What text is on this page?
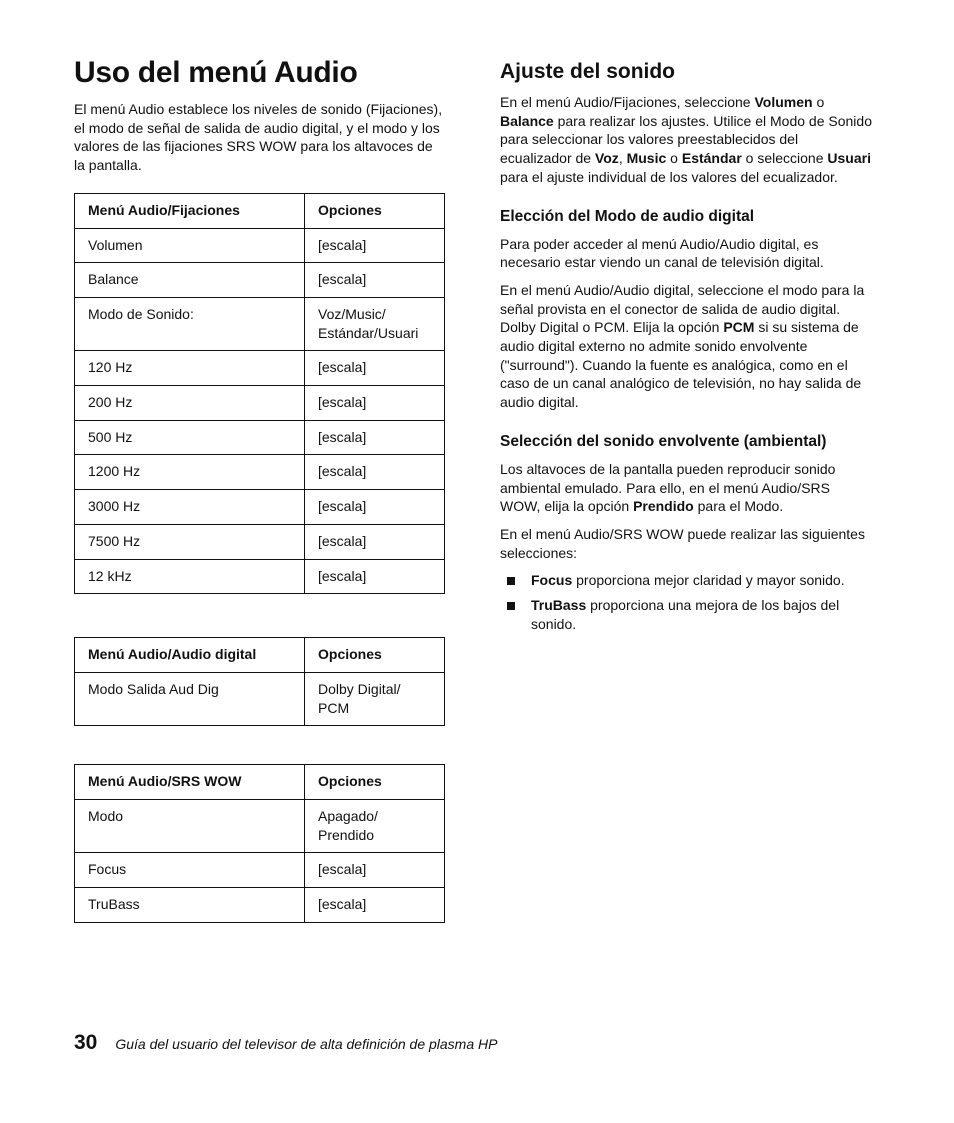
Uso del menú Audio

El menú Audio establece los niveles de sonido (Fijaciones), el modo de señal de salida de audio digital, y el modo y los valores de las fijaciones SRS WOW para los altavoces de la pantalla.

Menú Audio/Fijaciones	Opciones
Volumen	[escala]
Balance	[escala]
Modo de Sonido:	Voz/Music/ Estándar/Usuari
120 Hz	[escala]
200 Hz	[escala]
500 Hz	[escala]
1200 Hz	[escala]
3000 Hz	[escala]
7500 Hz	[escala]
12 kHz	[escala]
Menú Audio/Audio digital	Opciones
Modo Salida Aud Dig	Dolby Digital/ PCM
Menú Audio/SRS WOW	Opciones
Modo	Apagado/ Prendido
Focus	[escala]
TruBass	[escala]
Ajuste del sonido

En el menú Audio/Fijaciones, seleccione Volumen o Balance para realizar los ajustes. Utilice el Modo de Sonido para seleccionar los valores preestablecidos del ecualizador de Voz, Music o Estándar o seleccione Usuari para el ajuste individual de los valores del ecualizador.

Elección del Modo de audio digital

Para poder acceder al menú Audio/Audio digital, es necesario estar viendo un canal de televisión digital.

En el menú Audio/Audio digital, seleccione el modo para la señal provista en el conector de salida de audio digital. Dolby Digital o PCM. Elija la opción PCM si su sistema de audio digital externo no admite sonido envolvente ("surround"). Cuando la fuente es analógica, como en el caso de un canal analógico de televisión, no hay salida de audio digital.

Selección del sonido envolvente (ambiental)

Los altavoces de la pantalla pueden reproducir sonido ambiental emulado. Para ello, en el menú Audio/SRS WOW, elija la opción Prendido para el Modo.

En el menú Audio/SRS WOW puede realizar las siguientes selecciones:

Focus proporciona mejor claridad y mayor sonido.
TruBass proporciona una mejora de los bajos del sonido.
30 Guía del usuario del televisor de alta definición de plasma HP
